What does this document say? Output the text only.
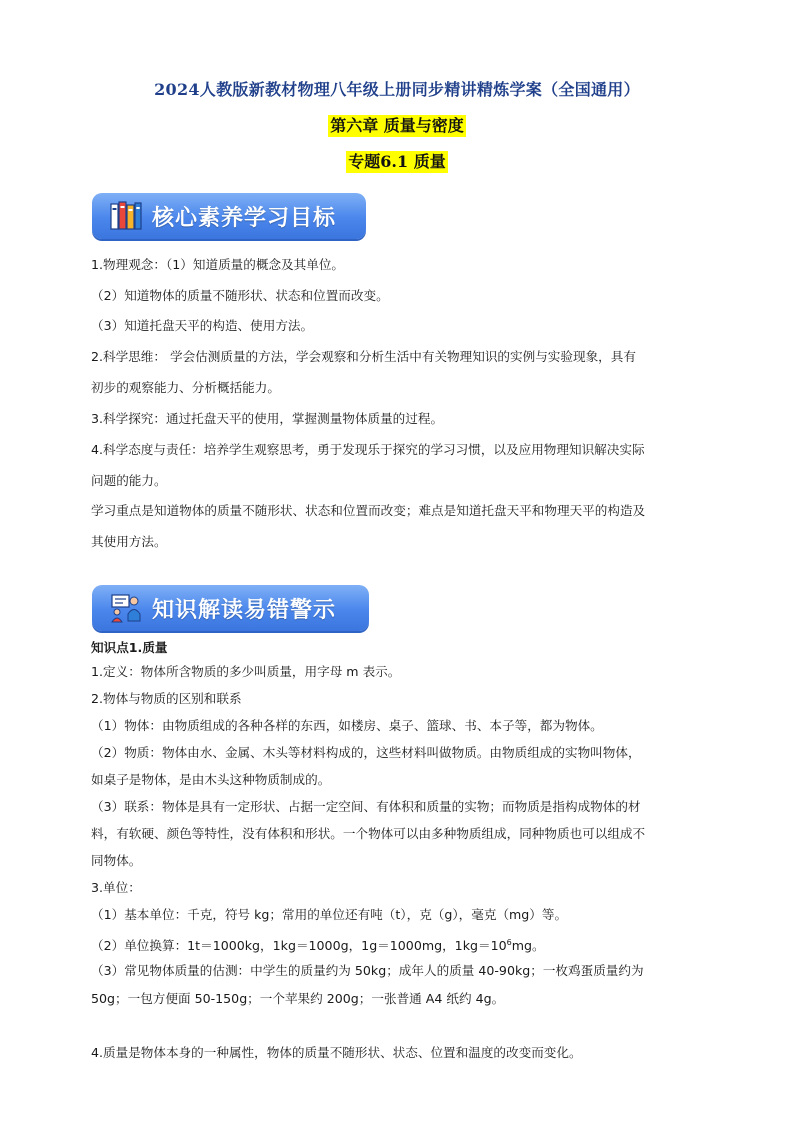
2024人教版新教材物理八年级上册同步精讲精炼学案（全国通用）
第六章 质量与密度
专题6.1 质量
核心素养学习目标
1.物理观念：（1）知道质量的概念及其单位。
（2）知道物体的质量不随形状、状态和位置而改变。
（3）知道托盘天平的构造、使用方法。
2.科学思维： 学会估测质量的方法，学会观察和分析生活中有关物理知识的实例与实验现象，具有
初步的观察能力、分析概括能力。
3.科学探究：通过托盘天平的使用，掌握测量物体质量的过程。
4.科学态度与责任：培养学生观察思考，勇于发现乐于探究的学习习惯，以及应用物理知识解决实际
问题的能力。
学习重点是知道物体的质量不随形状、状态和位置而改变；难点是知道托盘天平和物理天平的构造及
其使用方法。
知识解读易错警示
知识点1.质量
1.定义：物体所含物质的多少叫质量，用字母 m 表示。
2.物体与物质的区别和联系
（1）物体：由物质组成的各种各样的东西，如楼房、桌子、篮球、书、本子等，都为物体。
（2）物质：物体由水、金属、木头等材料构成的，这些材料叫做物质。由物质组成的实物叫物体，
如桌子是物体，是由木头这种物质制成的。
（3）联系：物体是具有一定形状、占据一定空间、有体积和质量的实物；而物质是指构成物体的材
料，有软硬、颜色等特性，没有体积和形状。一个物体可以由多种物质组成，同种物质也可以组成不
同物体。
3.单位：
（1）基本单位：千克，符号 kg；常用的单位还有吨（t），克（g），毫克（mg）等。
（2）单位换算：1t＝1000kg，1kg＝1000g，1g＝1000mg，$1kg=10^6mg$。
（3）常见物体质量的估测：中学生的质量约为 50kg；成年人的质量 40-90kg；一枚鸡蛋质量约为
50g；一包方便面 50-150g；一个苹果约 200g；一张普通 A4 纸约 4g。
4.质量是物体本身的一种属性，物体的质量不随形状、状态、位置和温度的改变而变化。
